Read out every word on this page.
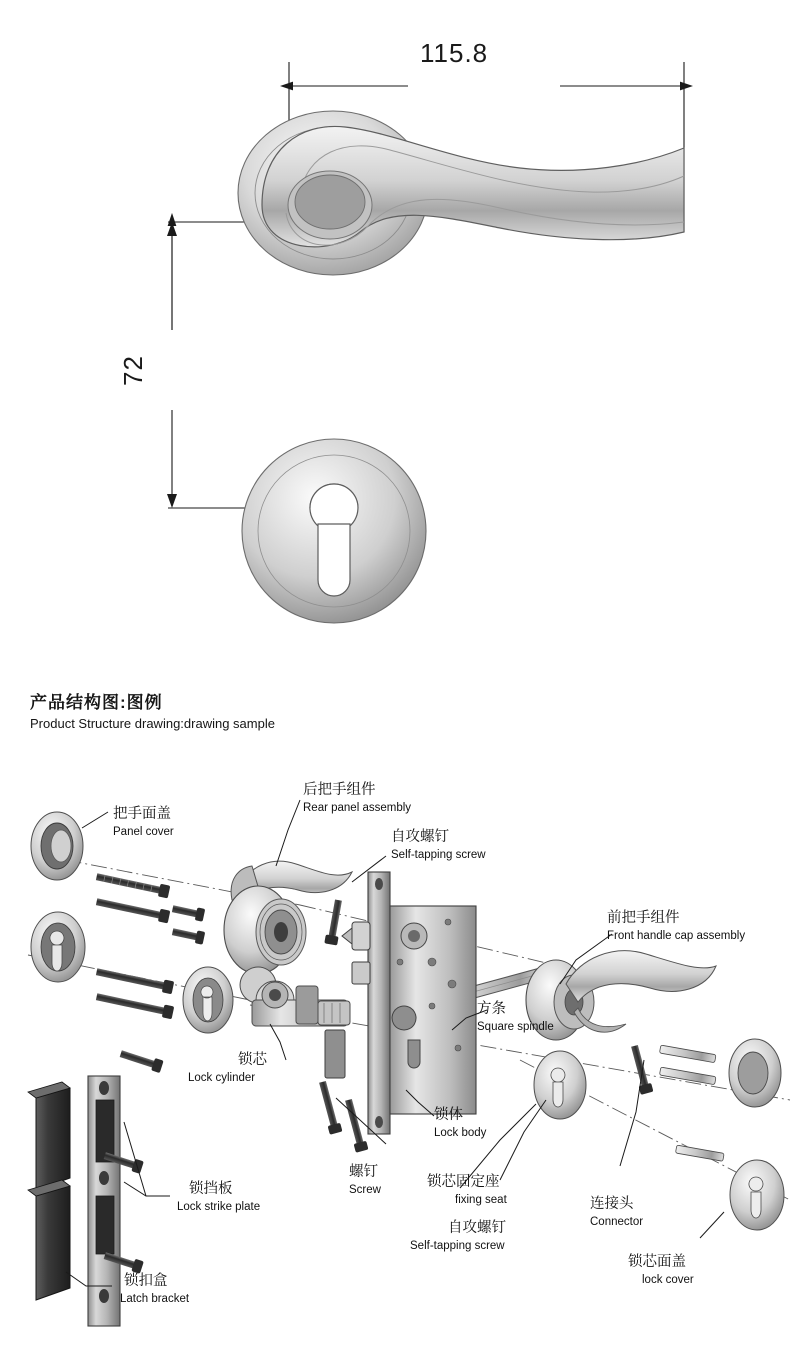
115.8
72
产品结构图:图例
Product Structure drawing:drawing sample
把手面盖
Panel cover
后把手组件
Rear panel assembly
自攻螺钉
Self-tapping screw
前把手组件
Front handle cap assembly
方条
Square spindle
锁芯
Lock cylinder
锁体
Lock body
螺钉
Screw	锁芯固定座
fixing seat
自攻螺钉
Self-tapping screw
连接头
Connector
锁芯面盖
lock cover
锁挡板
Lock strike plate
锁扣盒
Latch bracket
